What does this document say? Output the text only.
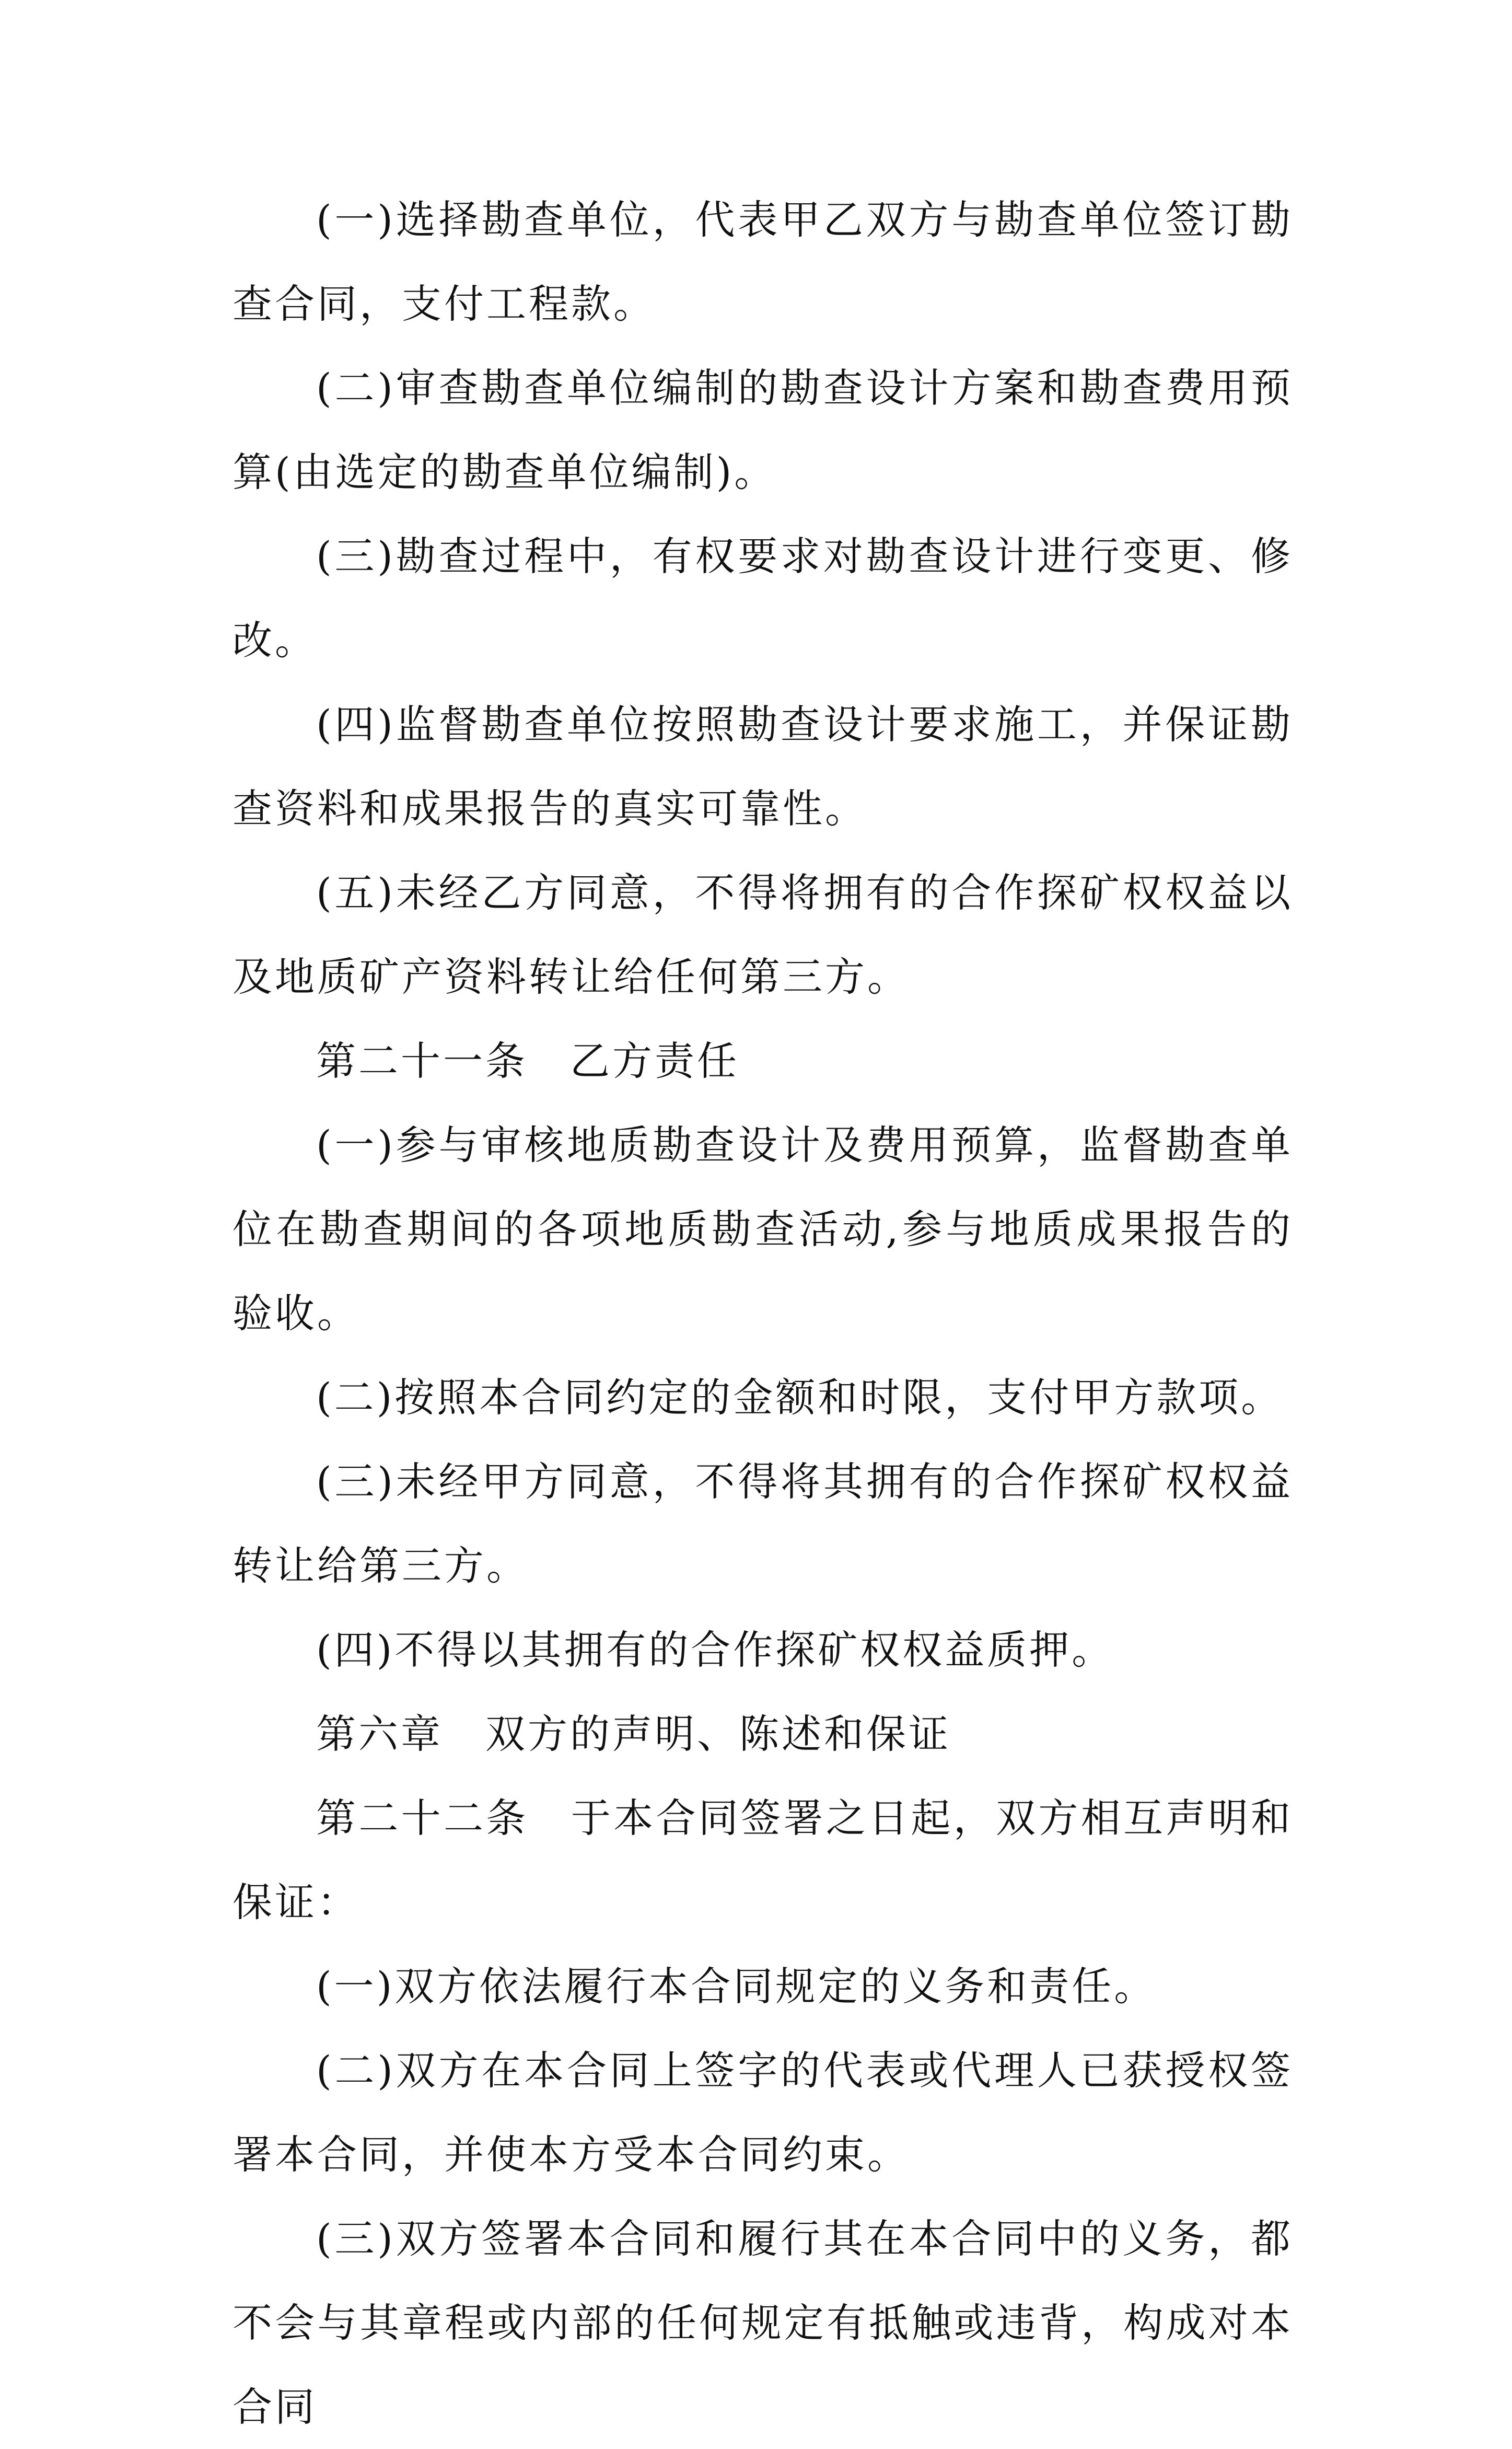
(一)选择勘查单位，代表甲乙双方与勘查单位签订勘查合同，支付工程款。

(二)审查勘查单位编制的勘查设计方案和勘查费用预算(由选定的勘查单位编制)。

(三)勘查过程中，有权要求对勘查设计进行变更、修改。

(四)监督勘查单位按照勘查设计要求施工，并保证勘查资料和成果报告的真实可靠性。

(五)未经乙方同意，不得将拥有的合作探矿权权益以及地质矿产资料转让给任何第三方。

第二十一条　乙方责任

(一)参与审核地质勘查设计及费用预算，监督勘查单位在勘查期间的各项地质勘查活动,参与地质成果报告的验收。

(二)按照本合同约定的金额和时限，支付甲方款项。

(三)未经甲方同意，不得将其拥有的合作探矿权权益转让给第三方。

(四)不得以其拥有的合作探矿权权益质押。

第六章　双方的声明、陈述和保证

第二十二条　于本合同签署之日起，双方相互声明和保证：

(一)双方依法履行本合同规定的义务和责任。

(二)双方在本合同上签字的代表或代理人已获授权签署本合同，并使本方受本合同约束。

(三)双方签署本合同和履行其在本合同中的义务，都不会与其章程或内部的任何规定有抵触或违背，构成对本合同
